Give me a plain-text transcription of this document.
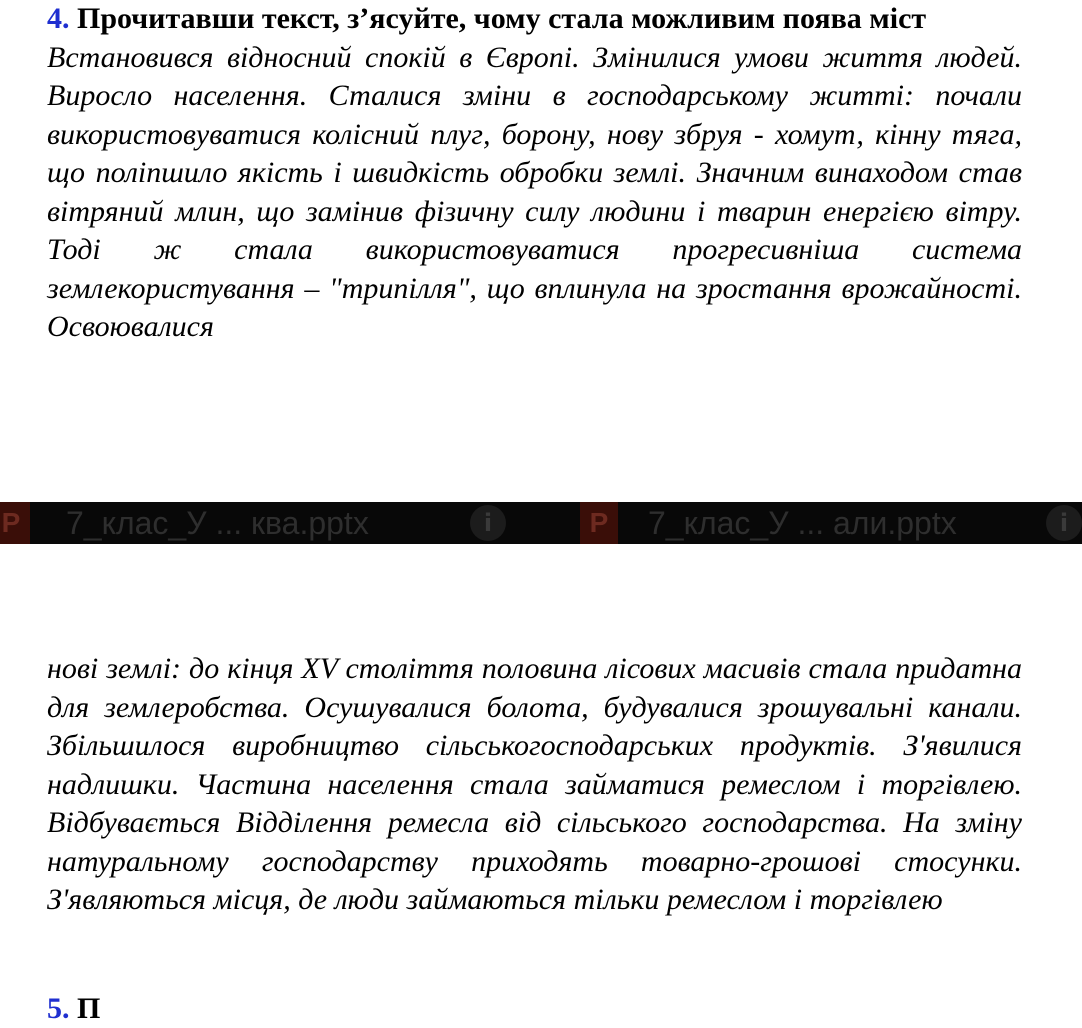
4. Прочитавши текст, з’ясуйте, чому стала можливим поява міст

Встановився відносний спокій в Європі. Змінилися умови життя людей. Виросло населення. Сталися зміни в господарському житті: почали використовуватися колісний плуг, борону, нову збруя - хомут, кінну тяга, що поліпшило якість і швидкість обробки землі. Значним винаходом став вітряний млин, що замінив фізичну силу людини і тварин енергією вітру. Тоді ж стала використовуватися прогресивніша система землекористування – "трипілля", що вплинула на зростання врожайності. Освоювалися

P	7_клас_У ... ква.pptx	i	P	7_клас_У ... али.pptx	i

нові землі: до кінця XV століття половина лісових масивів стала придатна для землеробства. Осушувалися болота, будувалися зрошувальні канали. Збільшилося виробництво сільськогосподарських продуктів. З'явилися надлишки. Частина населення стала займатися ремеслом і торгівлею. Відбувається Відділення ремесла від сільського господарства. На зміну натуральному господарству приходять товарно-грошові стосунки. З'являються місця, де люди займаються тільки ремеслом і торгівлею

5. П
